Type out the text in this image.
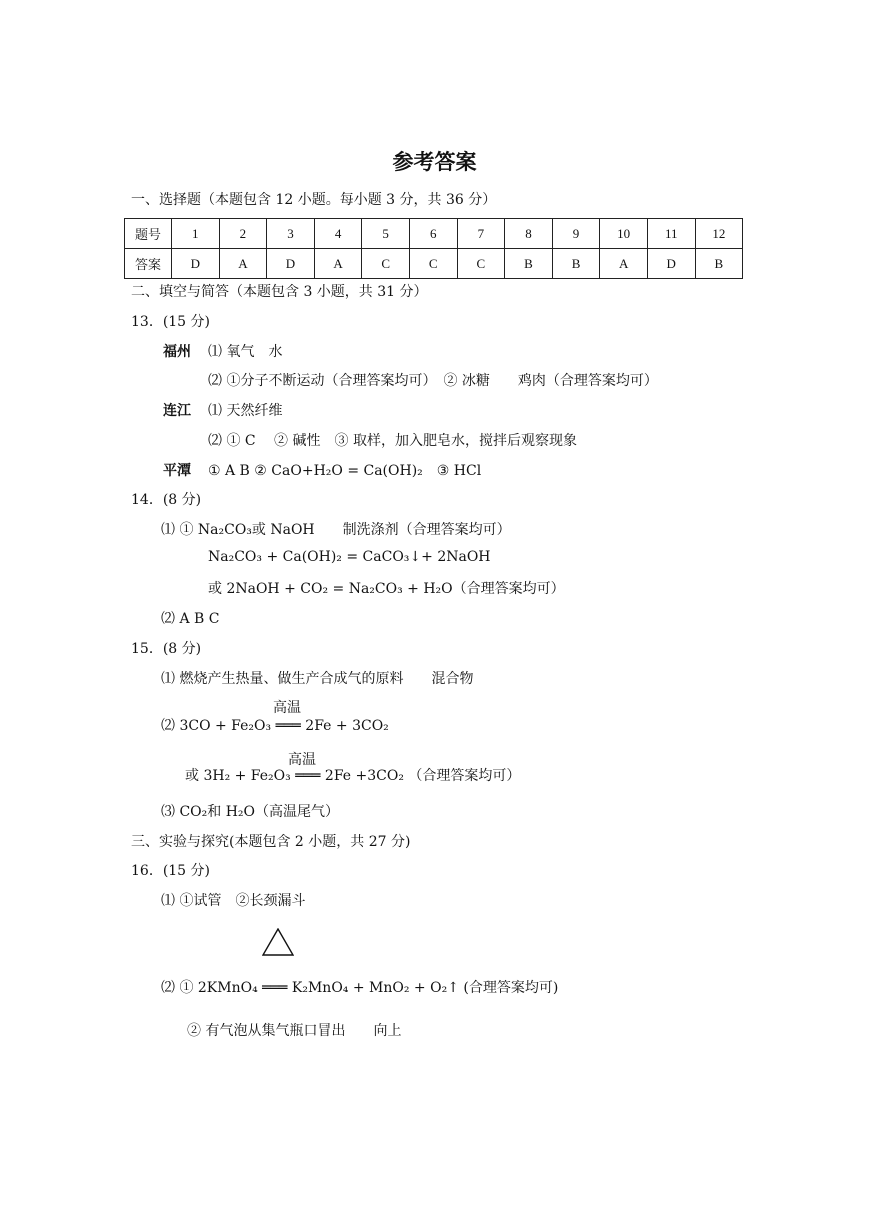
参考答案
一、选择题（本题包含 12 小题。每小题 3 分，共 36 分）
题号	1	2	3	4	5	6	7	8	9	10	11	12
答案	D	A	D	A	C	C	C	B	B	A	D	B
二、填空与简答（本题包含 3 小题，共 31 分）
13．(15 分)
福州 ⑴ 氧气　水
⑵ ①分子不断运动（合理答案均可）　② 冰糖　　鸡肉（合理答案均可）
连江 ⑴ 天然纤维
⑵ ① C　 ② 碱性　③ 取样，加入肥皂水，搅拌后观察现象
平潭 ① A B ② CaO+H₂O = Ca(OH)₂　③ HCl
14．(8 分)
⑴ ① Na₂CO₃或 NaOH　　制洗涤剂（合理答案均可）
Na₂CO₃ + Ca(OH)₂ = CaCO₃↓+ 2NaOH
或 2NaOH + CO₂ = Na₂CO₃ + H₂O（合理答案均可）
⑵ A B C
15．(8 分)
⑴ 燃烧产生热量、做生产合成气的原料　　混合物
高温
⑵ 3CO + Fe₂O₃ ═══ 2Fe + 3CO₂
高温
或 3H₂ + Fe₂O₃ ═══ 2Fe +3CO₂ （合理答案均可）
⑶ CO₂和 H₂O（高温尾气）
三、实验与探究(本题包含 2 小题，共 27 分)
16．(15 分)
⑴ ①试管　②长颈漏斗
⑵ ① 2KMnO₄ ═══ K₂MnO₄ + MnO₂ + O₂↑ (合理答案均可)
② 有气泡从集气瓶口冒出　　向上
